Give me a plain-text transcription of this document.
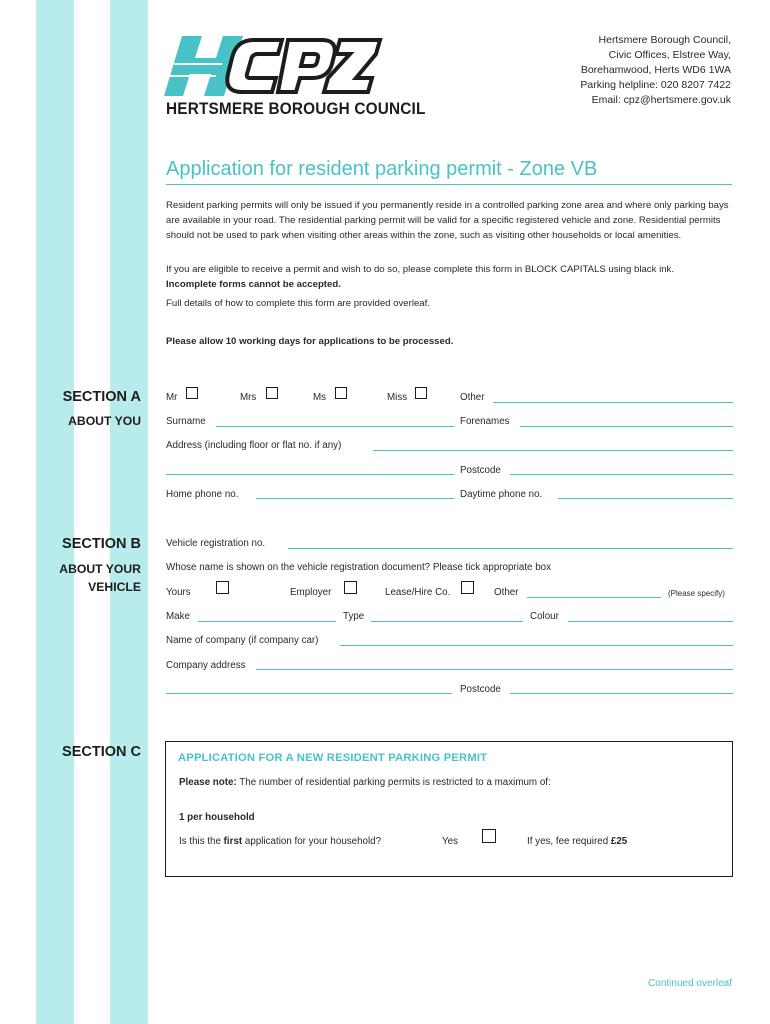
HERTSMERE BOROUGH COUNCIL
Hertsmere Borough Council,
Civic Offices, Elstree Way,
Borehamwood, Herts WD6 1WA
Parking helpline: 020 8207 7422
Email: cpz@hertsmere.gov.uk
Application for resident parking permit - Zone VB
Resident parking permits will only be issued if you permanently reside in a controlled parking zone area and where only parking bays are available in your road. The residential parking permit will be valid for a specific registered vehicle and zone. Residential permits should not be used to park when visiting other areas within the zone, such as visiting other households or local amenities.
If you are eligible to receive a permit and wish to do so, please complete this form in BLOCK CAPITALS using black ink.
Incomplete forms cannot be accepted.
Full details of how to complete this form are provided overleaf.
Please allow 10 working days for applications to be processed.
SECTION A
ABOUT YOU
Mr	Mrs	Ms	Miss	Other
Surname	Forenames
Address (including floor or flat no. if any)
Postcode
Home phone no.	Daytime phone no.
SECTION B
ABOUT YOUR
VEHICLE
Vehicle registration no.
Whose name is shown on the vehicle registration document? Please tick appropriate box
Yours	Employer	Lease/Hire Co.	Other	(Please specify)
Make	Type	Colour
Name of company (if company car)
Company address
Postcode
SECTION C	APPLICATION FOR A NEW RESIDENT PARKING PERMIT
Please note: The number of residential parking permits is restricted to a maximum of:
1 per household
Is this the first application for your household?	Yes	If yes, fee required £25
Continued overleaf
